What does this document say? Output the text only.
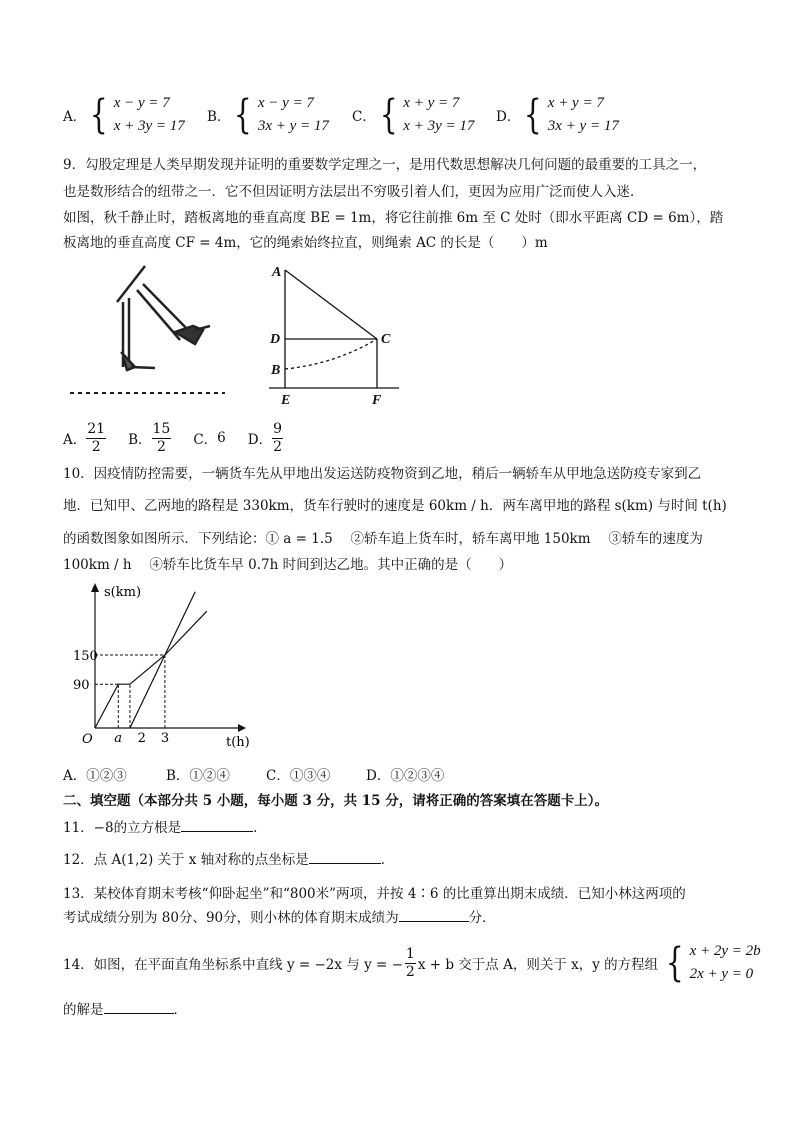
A． { x − y = 7
x + 3y = 17
B． { x − y = 7
3x + y = 17
C． { x + y = 7
x + 3y = 17
D． { x + y = 7
3x + y = 17
9．勾股定理是人类早期发现并证明的重要数学定理之一，是用代数思想解决几何问题的最重要的工具之一，
也是数形结合的纽带之一．它不但因证明方法层出不穷吸引着人们，更因为应用广泛而使人入迷．
如图，秋千静止时，踏板离地的垂直高度 BE = 1m，将它往前推 6m 至 C 处时（即水平距离 CD = 6m），踏
板离地的垂直高度 CF = 4m，它的绳索始终拉直，则绳索 AC 的长是（　　）m
A
D	C
B
E	F
A． $\frac{21}{2}$ B． $\frac{15}{2}$ C． 6 D． $\frac{9}{2}$
10．因疫情防控需要，一辆货车先从甲地出发运送防疫物资到乙地，稍后一辆轿车从甲地急送防疫专家到乙
地．已知甲、乙两地的路程是 330km，货车行驶时的速度是 60km / h．两车离甲地的路程 s(km) 与时间 t(h)
的函数图象如图所示．下列结论：① a = 1.5　 ②轿车追上货车时，轿车离甲地 150km　 ③轿车的速度为
100km / h　 ④轿车比货车早 0.7h 时间到达乙地。其中正确的是（　　）
a 2 3
90
150
s(km)
t(h)
O
A．①②③	B．①②④	C．①③④	D．①②③④
二、填空题（本部分共 5 小题，每小题 3 分，共 15 分，请将正确的答案填在答题卡上）。
11．−8的立方根是	．
12．点 A(1,2) 关于 x 轴对称的点坐标是	．
13．某校体育期末考核“仰卧起坐”和“800米”两项，并按 4∶6 的比重算出期末成绩．已知小林这两项的
考试成绩分别为 80分、90分，则小林的体育期末成绩为	分．
14．如图，在平面直角坐标系中直线 y = −2x 与 y = − $\frac{1}{2}$ x + b 交于点 A，则关于 x，y 的方程组 { x + 2y = 2b
2x + y = 0
的解是	．
